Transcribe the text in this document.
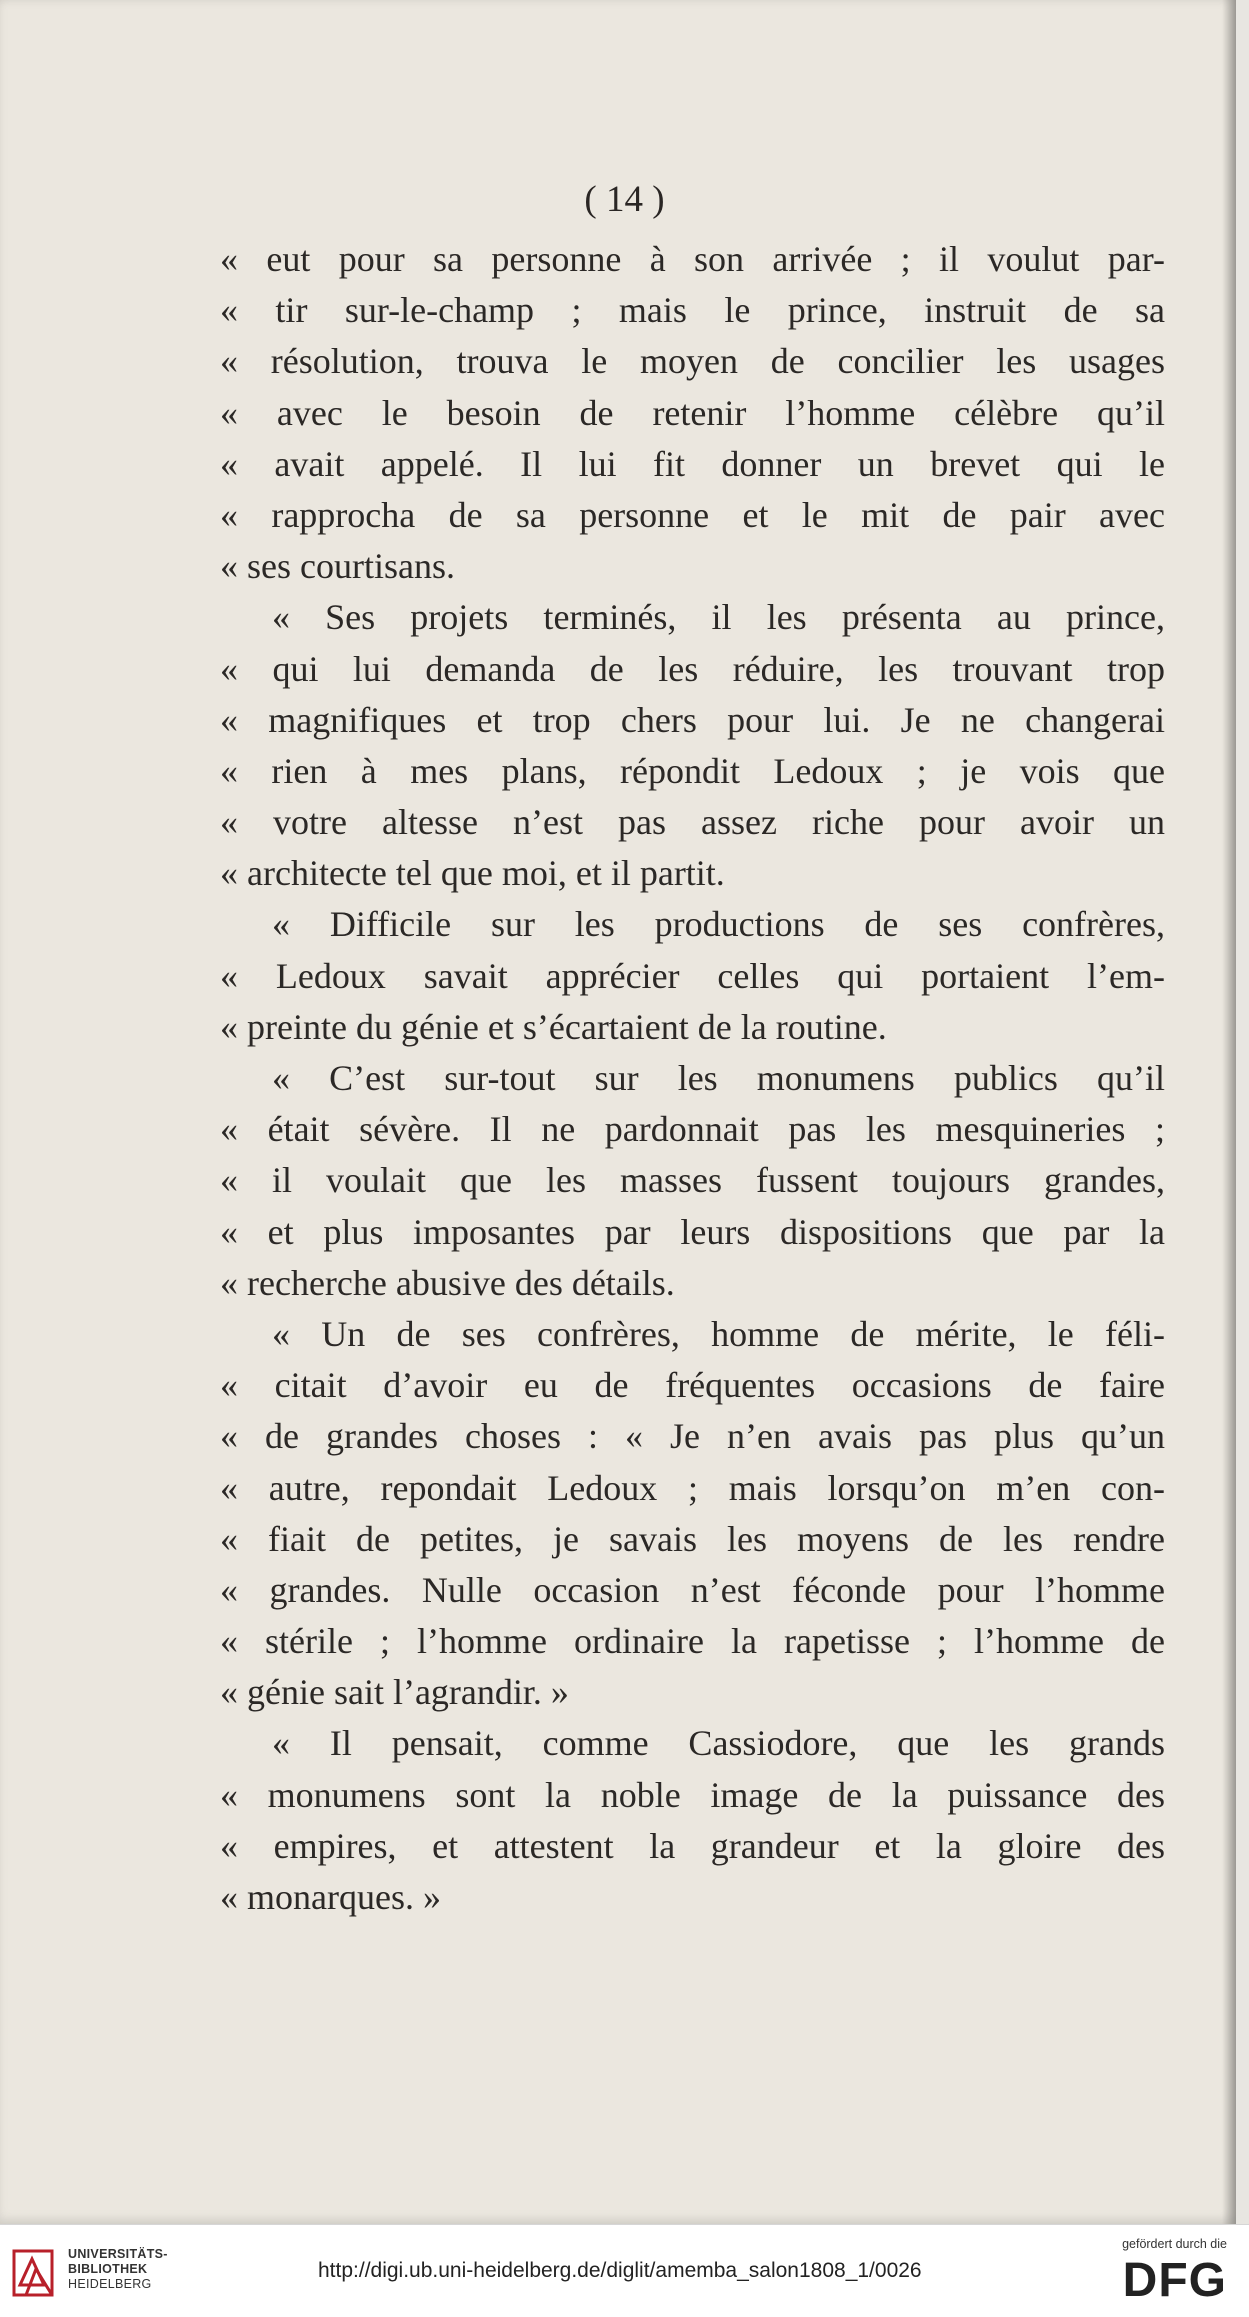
( 14 )
« eut pour sa personne à son arrivée ; il voulut par-
« tir sur-le-champ ; mais le prince, instruit de sa
« résolution, trouva le moyen de concilier les usages
« avec le besoin de retenir l’homme célèbre qu’il
« avait appelé. Il lui fit donner un brevet qui le
« rapprocha de sa personne et le mit de pair avec
« ses courtisans.
« Ses projets terminés, il les présenta au prince,
« qui lui demanda de les réduire, les trouvant trop
« magnifiques et trop chers pour lui. Je ne changerai
« rien à mes plans, répondit Ledoux ; je vois que
« votre altesse n’est pas assez riche pour avoir un
« architecte tel que moi, et il partit.
« Difficile sur les productions de ses confrères,
« Ledoux savait apprécier celles qui portaient l’em-
« preinte du génie et s’écartaient de la routine.
« C’est sur-tout sur les monumens publics qu’il
« était sévère. Il ne pardonnait pas les mesquineries ;
« il voulait que les masses fussent toujours grandes,
« et plus imposantes par leurs dispositions que par la
« recherche abusive des détails.
« Un de ses confrères, homme de mérite, le féli-
« citait d’avoir eu de fréquentes occasions de faire
« de grandes choses : « Je n’en avais pas plus qu’un
« autre, repondait Ledoux ; mais lorsqu’on m’en con-
« fiait de petites, je savais les moyens de les rendre
« grandes. Nulle occasion n’est féconde pour l’homme
« stérile ; l’homme ordinaire la rapetisse ; l’homme de
« génie sait l’agrandir. »
« Il pensait, comme Cassiodore, que les grands
« monumens sont la noble image de la puissance des
« empires, et attestent la grandeur et la gloire des
« monarques. »
UNIVERSITÄTS-
BIBLIOTHEK
HEIDELBERG
http://digi.ub.uni-heidelberg.de/diglit/amemba_salon1808_1/0026
gefördert durch die
DFG
